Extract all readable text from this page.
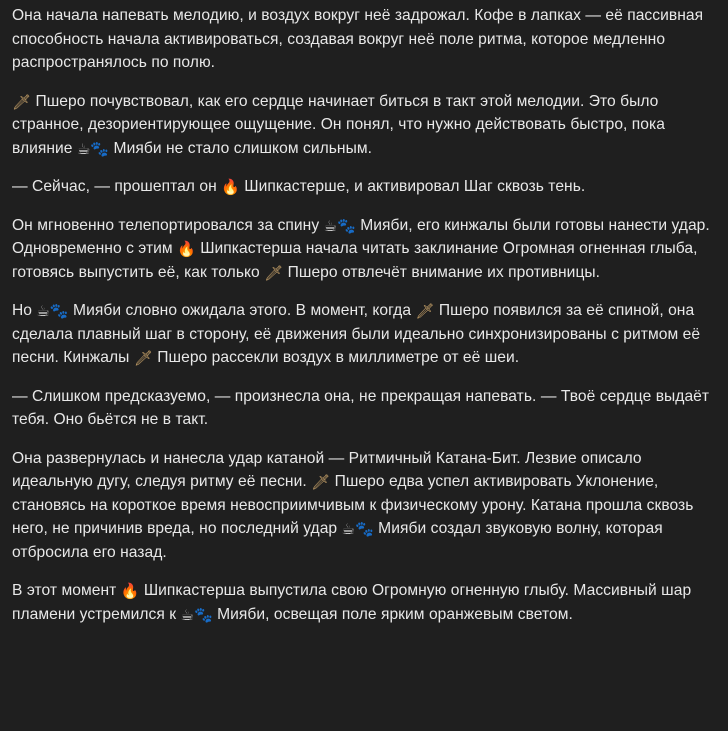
Она начала напевать мелодию, и воздух вокруг неё задрожал. Кофе в лапках — её пассивная способность начала активироваться, создавая вокруг неё поле ритма, которое медленно распространялось по полю.

🗡 Пшеро почувствовал, как его сердце начинает биться в такт этой мелодии. Это было странное, дезориентирующее ощущение. Он понял, что нужно действовать быстро, пока влияние ☕🐾 Мияби не стало слишком сильным.

— Сейчас, — прошептал он 🔥 Шипкастерше, и активировал Шаг сквозь тень.

Он мгновенно телепортировался за спину ☕🐾 Мияби, его кинжалы были готовы нанести удар. Одновременно с этим 🔥 Шипкастерша начала читать заклинание Огромная огненная глыба, готовясь выпустить её, как только 🗡 Пшеро отвлечёт внимание их противницы.

Но ☕🐾 Мияби словно ожидала этого. В момент, когда 🗡 Пшеро появился за её спиной, она сделала плавный шаг в сторону, её движения были идеально синхронизированы с ритмом её песни. Кинжалы 🗡 Пшеро рассекли воздух в миллиметре от её шеи.

— Слишком предсказуемо, — произнесла она, не прекращая напевать. — Твоё сердце выдаёт тебя. Оно бьётся не в такт.

Она развернулась и нанесла удар катаной — Ритмичный Катана-Бит. Лезвие описало идеальную дугу, следуя ритму её песни. 🗡 Пшеро едва успел активировать Уклонение, становясь на короткое время невосприимчивым к физическому урону. Катана прошла сквозь него, не причинив вреда, но последний удар ☕🐾 Мияби создал звуковую волну, которая отбросила его назад.

В этот момент 🔥 Шипкастерша выпустила свою Огромную огненную глыбу. Массивный шар пламени устремился к ☕🐾 Мияби, освещая поле ярким оранжевым светом.
